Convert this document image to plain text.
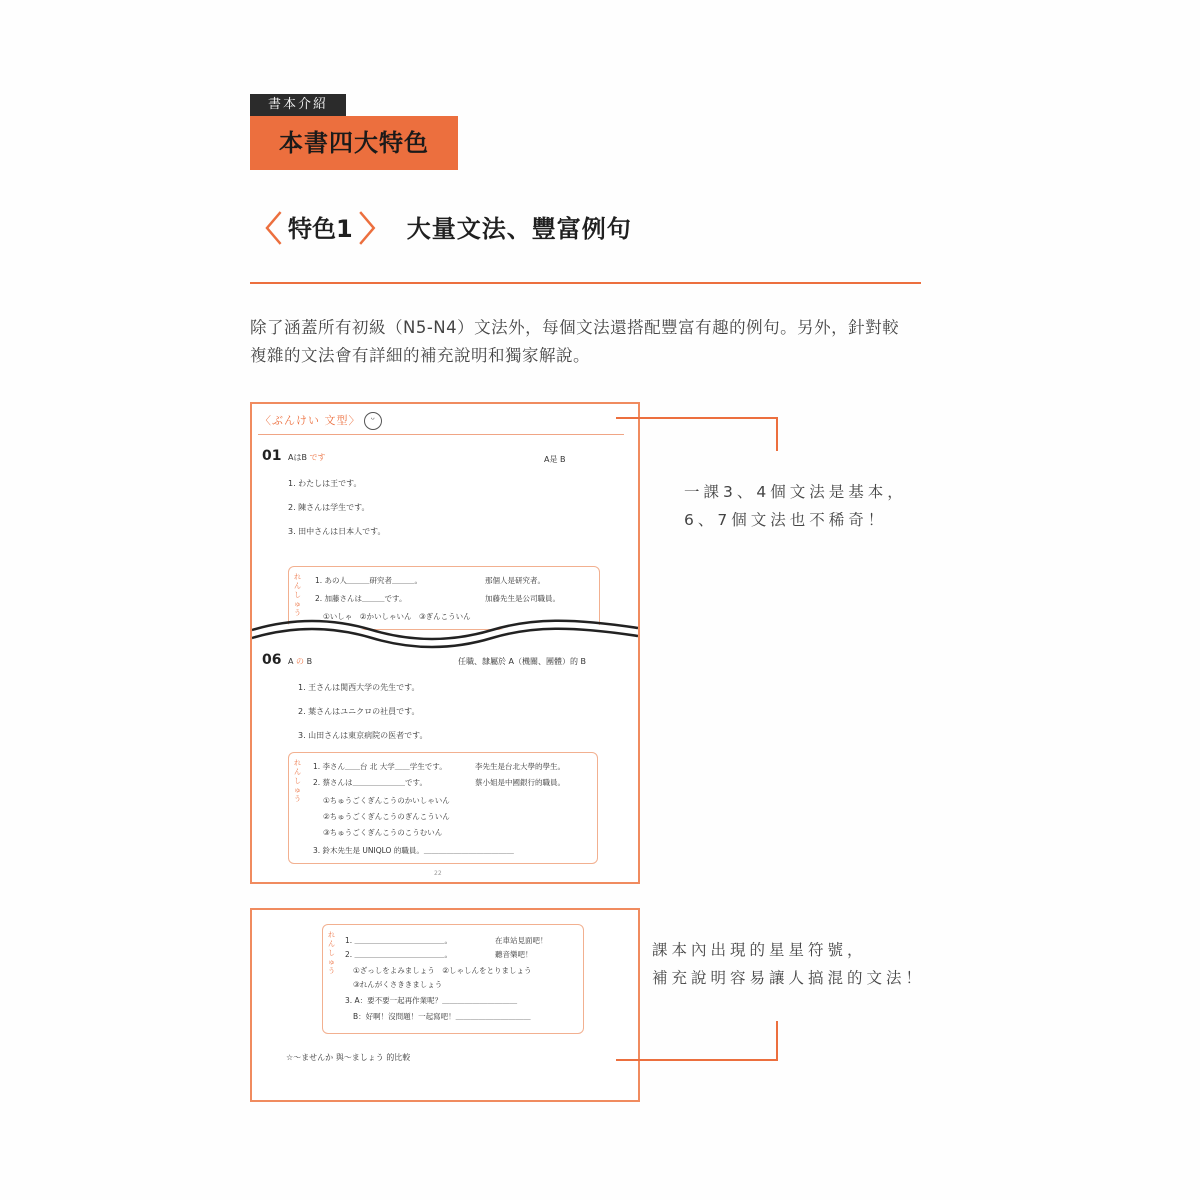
書本介紹
本書四大特色
〈 特色1 〉 大量文法、豐富例句
除了涵蓋所有初級（N5-N4）文法外，每個文法還搭配豐富有趣的例句。另外，針對較
複雜的文法會有詳細的補充說明和獨家解說。
〈ぶんけい 文型〉	ᵕ
01 AはB です	A是 B
1. わたしは王です。
2. 陳さんは学生です。
3. 田中さんは日本人です。
れんしゅう
1. あの人＿＿＿研究者＿＿＿。	那個人是研究者。
2. 加藤さんは＿＿＿です。	加藤先生是公司職員。
①いしゃ　②かいしゃいん　③ぎんこういん
06 A の B	任職、隸屬於 A（機關、團體）的 B
1. 王さんは関西大学の先生です。
2. 葉さんはユニクロの社員です。
3. 山田さんは東京病院の医者です。
れんしゅう
1. 李さん＿＿台 北 大学＿＿学生です。	李先生是台北大學的學生。
2. 蔡さんは＿＿＿＿＿＿＿です。	蔡小姐是中國銀行的職員。
①ちゅうごくぎんこうのかいしゃいん
②ちゅうごくぎんこうのぎんこういん
③ちゅうごくぎんこうのこうむいん
3. 鈴木先生是 UNIQLO 的職員。＿＿＿＿＿＿＿＿＿＿＿＿
22
れんしゅう
1. ＿＿＿＿＿＿＿＿＿＿＿＿。	在車站見面吧！
2. ＿＿＿＿＿＿＿＿＿＿＿＿。	聽音樂吧！
①ざっしをよみましょう　②しゃしんをとりましょう
③れんがくさききましょう
3. A：要不要一起再作業呢？＿＿＿＿＿＿＿＿＿＿
B：好啊！沒問題！一起寫吧！＿＿＿＿＿＿＿＿＿＿
☆～ませんか 與～ましょう 的比較
一課3、4個文法是基本，
6、7個文法也不稀奇！
課本內出現的星星符號，
補充說明容易讓人搞混的文法！
